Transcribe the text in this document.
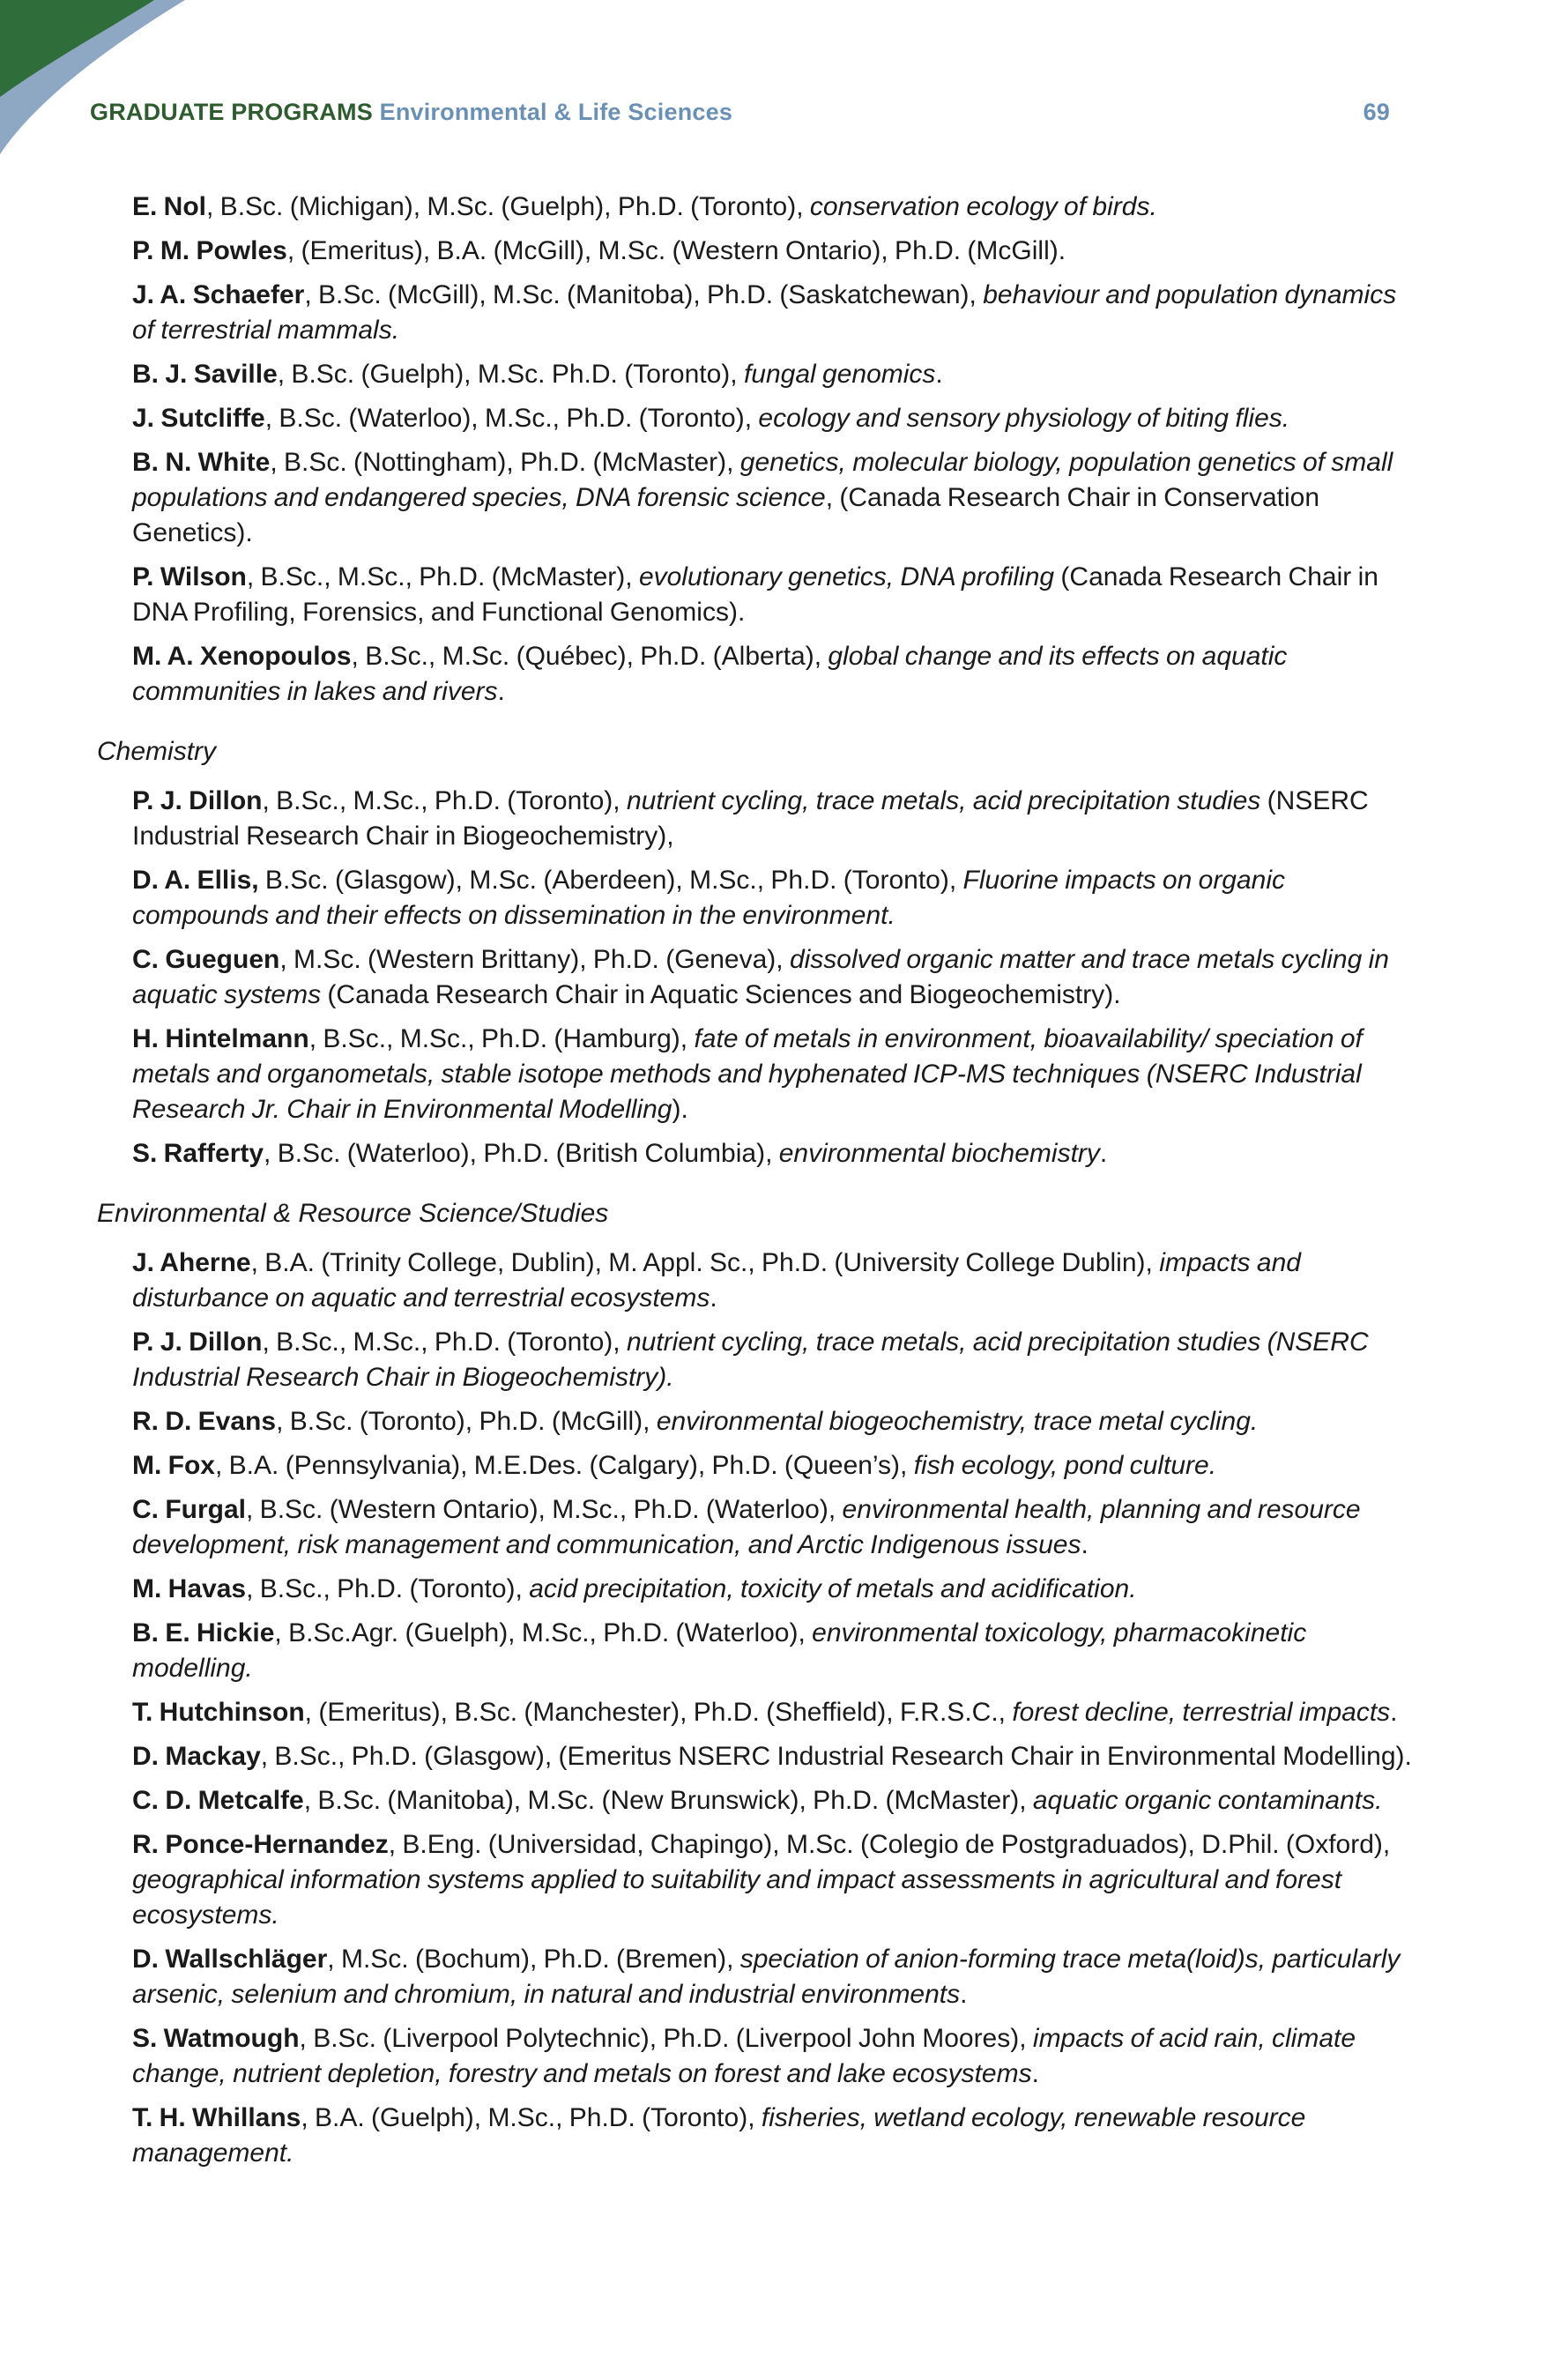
GRADUATE PROGRAMS Environmental & Life Sciences	69
E. Nol, B.Sc. (Michigan), M.Sc. (Guelph), Ph.D. (Toronto), conservation ecology of birds.
P. M. Powles, (Emeritus), B.A. (McGill), M.Sc. (Western Ontario), Ph.D. (McGill).
J. A. Schaefer, B.Sc. (McGill), M.Sc. (Manitoba), Ph.D. (Saskatchewan), behaviour and population dynamics of terrestrial mammals.
B. J. Saville, B.Sc. (Guelph), M.Sc. Ph.D. (Toronto), fungal genomics.
J. Sutcliffe, B.Sc. (Waterloo), M.Sc., Ph.D. (Toronto), ecology and sensory physiology of biting flies.
B. N. White, B.Sc. (Nottingham), Ph.D. (McMaster), genetics, molecular biology, population genetics of small populations and endangered species, DNA forensic science, (Canada Research Chair in Conservation Genetics).
P. Wilson, B.Sc., M.Sc., Ph.D. (McMaster), evolutionary genetics, DNA profiling (Canada Research Chair in DNA Profiling, Forensics, and Functional Genomics).
M. A. Xenopoulos, B.Sc., M.Sc. (Québec), Ph.D. (Alberta), global change and its effects on aquatic communities in lakes and rivers.
Chemistry
P. J. Dillon, B.Sc., M.Sc., Ph.D. (Toronto), nutrient cycling, trace metals, acid precipitation studies (NSERC Industrial Research Chair in Biogeochemistry),
D. A. Ellis, B.Sc. (Glasgow), M.Sc. (Aberdeen), M.Sc., Ph.D. (Toronto), Fluorine impacts on organic compounds and their effects on dissemination in the environment.
C. Gueguen, M.Sc. (Western Brittany), Ph.D. (Geneva), dissolved organic matter and trace metals cycling in aquatic systems (Canada Research Chair in Aquatic Sciences and Biogeochemistry).
H. Hintelmann, B.Sc., M.Sc., Ph.D. (Hamburg), fate of metals in environment, bioavailability/ speciation of metals and organometals, stable isotope methods and hyphenated ICP-MS techniques (NSERC Industrial Research Jr. Chair in Environmental Modelling).
S. Rafferty, B.Sc. (Waterloo), Ph.D. (British Columbia), environmental biochemistry.
Environmental & Resource Science/Studies
J. Aherne, B.A. (Trinity College, Dublin), M. Appl. Sc., Ph.D. (University College Dublin), impacts and disturbance on aquatic and terrestrial ecosystems.
P. J. Dillon, B.Sc., M.Sc., Ph.D. (Toronto), nutrient cycling, trace metals, acid precipitation studies (NSERC Industrial Research Chair in Biogeochemistry).
R. D. Evans, B.Sc. (Toronto), Ph.D. (McGill), environmental biogeochemistry, trace metal cycling.
M. Fox, B.A. (Pennsylvania), M.E.Des. (Calgary), Ph.D. (Queen’s), fish ecology, pond culture.
C. Furgal, B.Sc. (Western Ontario), M.Sc., Ph.D. (Waterloo), environmental health, planning and resource development, risk management and communication, and Arctic Indigenous issues.
M. Havas, B.Sc., Ph.D. (Toronto), acid precipitation, toxicity of metals and acidification.
B. E. Hickie, B.Sc.Agr. (Guelph), M.Sc., Ph.D. (Waterloo), environmental toxicology, pharmacokinetic modelling.
T. Hutchinson, (Emeritus), B.Sc. (Manchester), Ph.D. (Sheffield), F.R.S.C., forest decline, terrestrial impacts.
D. Mackay, B.Sc., Ph.D. (Glasgow), (Emeritus NSERC Industrial Research Chair in Environmental Modelling).
C. D. Metcalfe, B.Sc. (Manitoba), M.Sc. (New Brunswick), Ph.D. (McMaster), aquatic organic contaminants.
R. Ponce-Hernandez, B.Eng. (Universidad, Chapingo), M.Sc. (Colegio de Postgraduados), D.Phil. (Oxford), geographical information systems applied to suitability and impact assessments in agricultural and forest ecosystems.
D. Wallschläger, M.Sc. (Bochum), Ph.D. (Bremen), speciation of anion-forming trace meta(loid)s, particularly arsenic, selenium and chromium, in natural and industrial environments.
S. Watmough, B.Sc. (Liverpool Polytechnic), Ph.D. (Liverpool John Moores), impacts of acid rain, climate change, nutrient depletion, forestry and metals on forest and lake ecosystems.
T. H. Whillans, B.A. (Guelph), M.Sc., Ph.D. (Toronto), fisheries, wetland ecology, renewable resource management.
